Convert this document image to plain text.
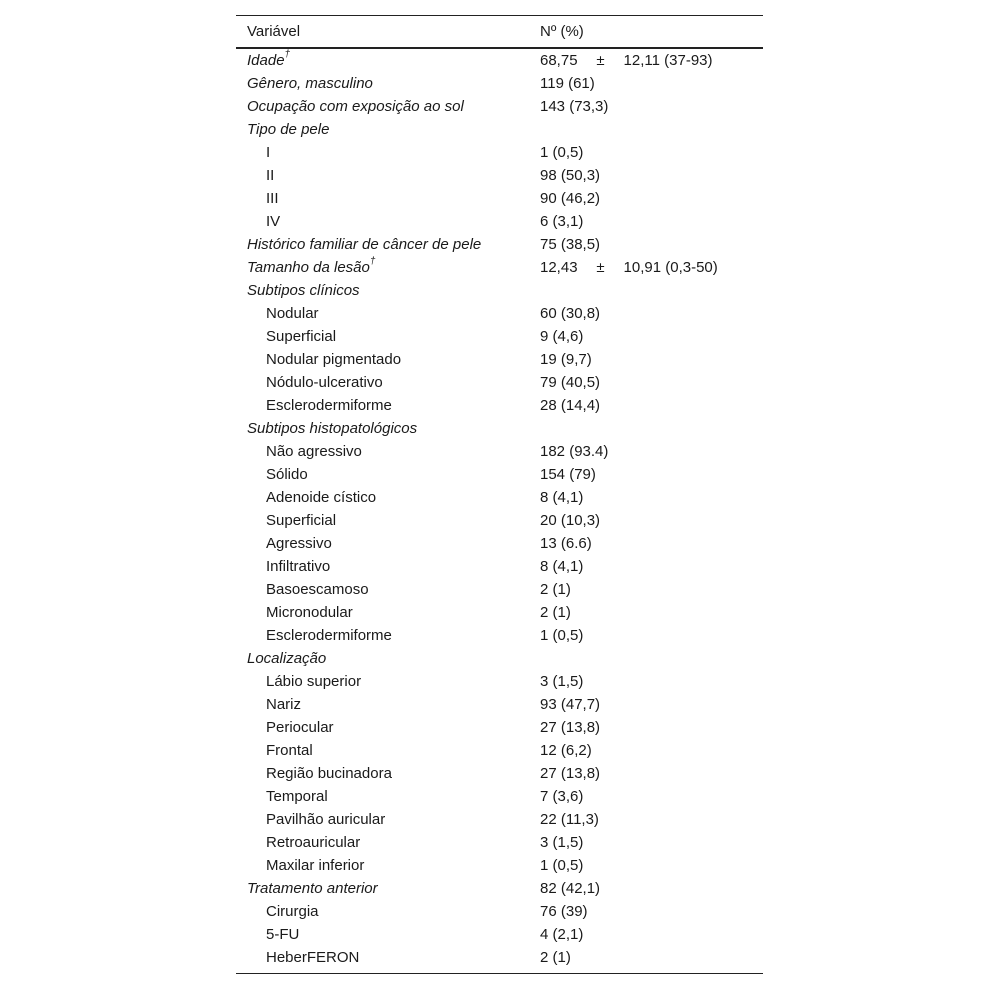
Variável	Nº (%)
Idade†	68,75 ± 12,11 (37-93)
Gênero, masculino	119 (61)
Ocupação com exposição ao sol	143 (73,3)
Tipo de pele
I	1 (0,5)
II	98 (50,3)
III	90 (46,2)
IV	6 (3,1)
Histórico familiar de câncer de pele	75 (38,5)
Tamanho da lesão†	12,43 ± 10,91 (0,3-50)
Subtipos clínicos
Nodular	60 (30,8)
Superficial	9 (4,6)
Nodular pigmentado	19 (9,7)
Nódulo-ulcerativo	79 (40,5)
Esclerodermiforme	28 (14,4)
Subtipos histopatológicos
Não agressivo	182 (93.4)
Sólido	154 (79)
Adenoide cístico	8 (4,1)
Superficial	20 (10,3)
Agressivo	13 (6.6)
Infiltrativo	8 (4,1)
Basoescamoso	2 (1)
Micronodular	2 (1)
Esclerodermiforme	1 (0,5)
Localização
Lábio superior	3 (1,5)
Nariz	93 (47,7)
Periocular	27 (13,8)
Frontal	12 (6,2)
Região bucinadora	27 (13,8)
Temporal	7 (3,6)
Pavilhão auricular	22 (11,3)
Retroauricular	3 (1,5)
Maxilar inferior	1 (0,5)
Tratamento anterior	82 (42,1)
Cirurgia	76 (39)
5-FU	4 (2,1)
HeberFERON	2 (1)
